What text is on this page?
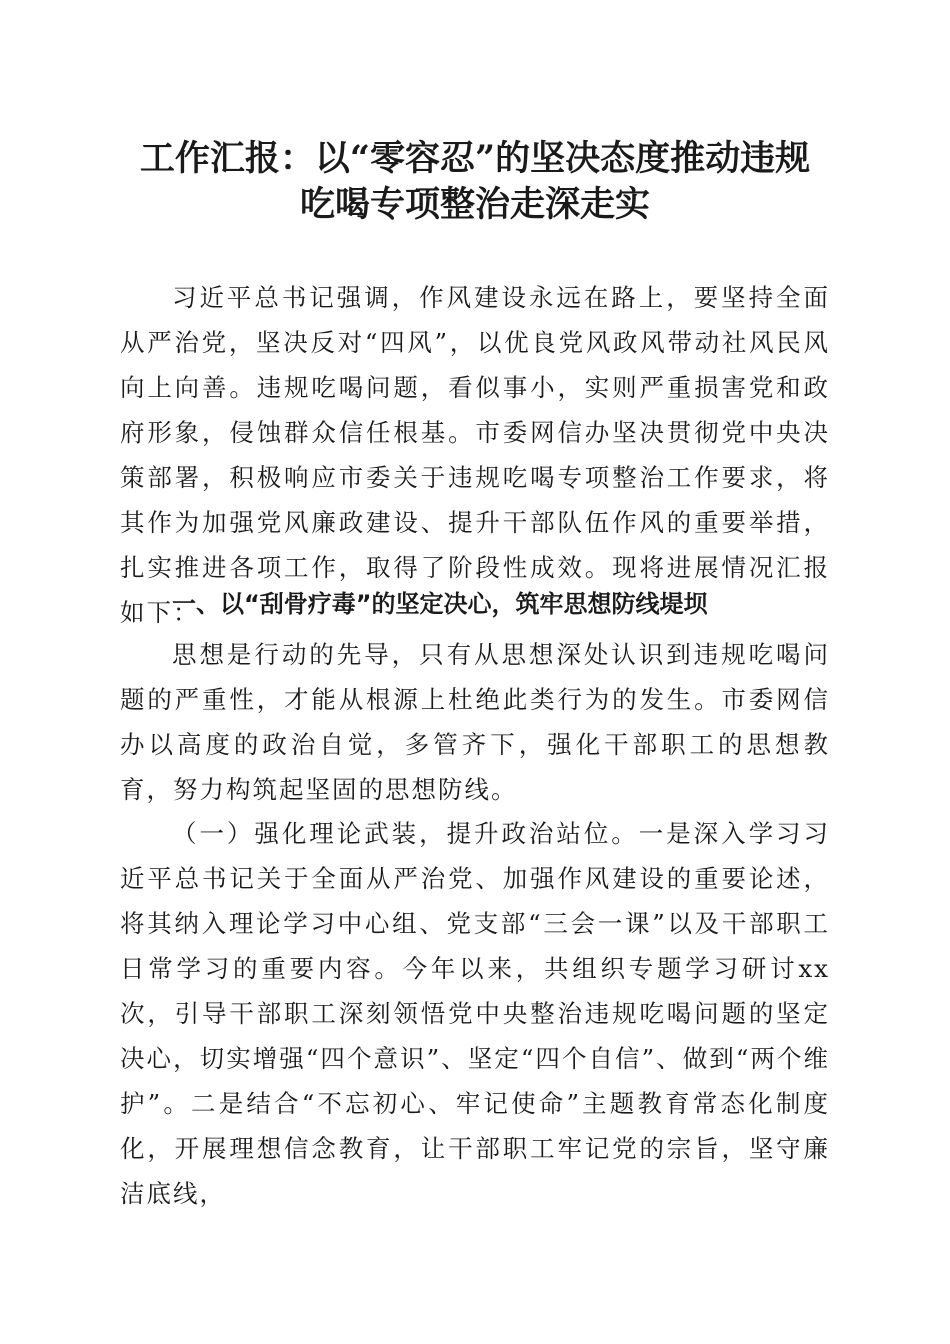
工作汇报：以“零容忍”的坚决态度推动违规
吃喝专项整治走深走实

习近平总书记强调，作风建设永远在路上，要坚持全面从严治党，坚决反对“四风”，以优良党风政风带动社风民风向上向善。违规吃喝问题，看似事小，实则严重损害党和政府形象，侵蚀群众信任根基。市委网信办坚决贯彻党中央决策部署，积极响应市委关于违规吃喝专项整治工作要求，将其作为加强党风廉政建设、提升干部队伍作风的重要举措，扎实推进各项工作，取得了阶段性成效。现将进展情况汇报如下：

一、以“刮骨疗毒”的坚定决心，筑牢思想防线堤坝

思想是行动的先导，只有从思想深处认识到违规吃喝问题的严重性，才能从根源上杜绝此类行为的发生。市委网信办以高度的政治自觉，多管齐下，强化干部职工的思想教育，努力构筑起坚固的思想防线。

（一）强化理论武装，提升政治站位。一是深入学习习近平总书记关于全面从严治党、加强作风建设的重要论述，将其纳入理论学习中心组、党支部“三会一课”以及干部职工日常学习的重要内容。今年以来，共组织专题学习研讨xx次，引导干部职工深刻领悟党中央整治违规吃喝问题的坚定决心，切实增强“四个意识”、坚定“四个自信”、做到“两个维护”。二是结合“不忘初心、牢记使命”主题教育常态化制度化，开展理想信念教育，让干部职工牢记党的宗旨，坚守廉洁底线，
